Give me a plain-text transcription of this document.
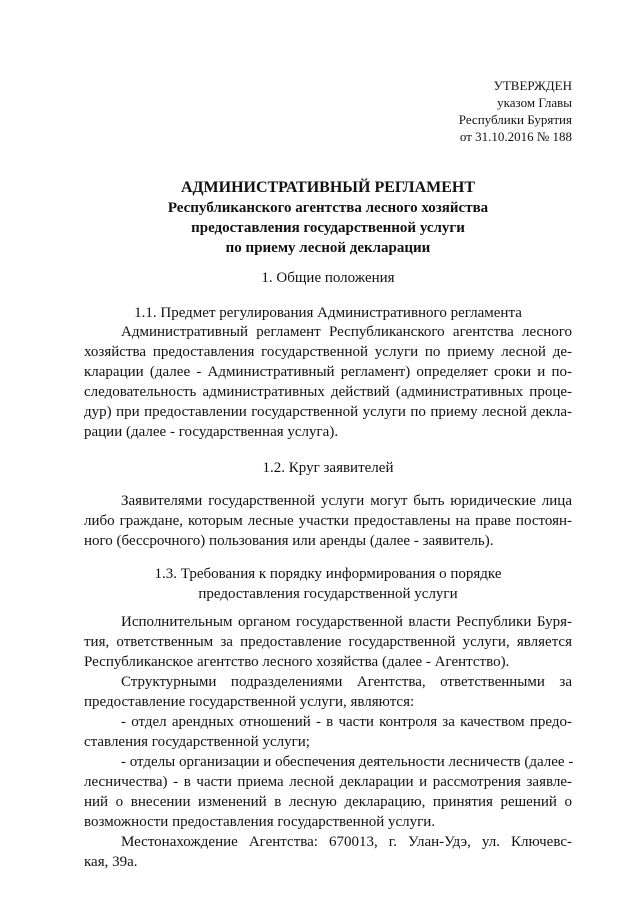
УТВЕРЖДЕН
указом Главы
Республики Бурятия
от 31.10.2016 № 188
АДМИНИСТРАТИВНЫЙ РЕГЛАМЕНТ
Республиканского агентства лесного хозяйства
предоставления государственной услуги
по приему лесной декларации
1. Общие положения
1.1. Предмет регулирования Административного регламента
Административный регламент Республиканского агентства лесного
хозяйства предоставления государственной услуги по приему лесной де-
кларации (далее - Административный регламент) определяет сроки и по-
следовательность административных действий (административных проце-
дур) при предоставлении государственной услуги по приему лесной декла-
рации (далее - государственная услуга).
1.2. Круг заявителей
Заявителями государственной услуги могут быть юридические лица
либо граждане, которым лесные участки предоставлены на праве постоян-
ного (бессрочного) пользования или аренды (далее - заявитель).
1.3. Требования к порядку информирования о порядке
предоставления государственной услуги
Исполнительным органом государственной власти Республики Буря-
тия, ответственным за предоставление государственной услуги, является
Республиканское агентство лесного хозяйства (далее - Агентство).
Структурными подразделениями Агентства, ответственными за
предоставление государственной услуги, являются:
- отдел арендных отношений - в части контроля за качеством предо-
ставления государственной услуги;
- отделы организации и обеспечения деятельности лесничеств (далее -
лесничества) - в части приема лесной декларации и рассмотрения заявле-
ний о внесении изменений в лесную декларацию, принятия решений о
возможности предоставления государственной услуги.
Местонахождение Агентства: 670013, г. Улан-Удэ, ул. Ключевс-
кая, 39а.
